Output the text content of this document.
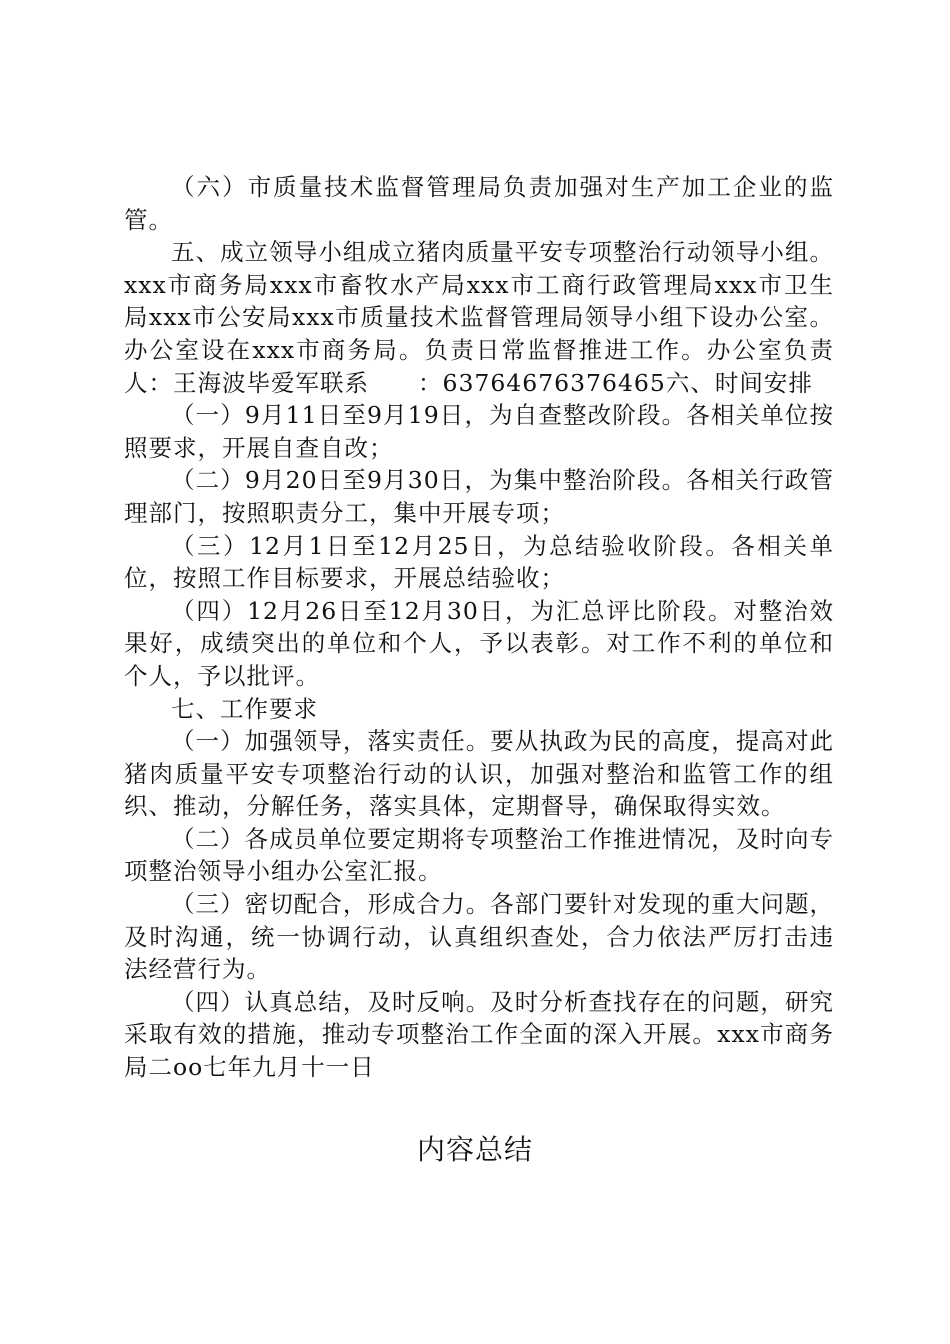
（六）市质量技术监督管理局负责加强对生产加工企业的监管。

五、成立领导小组成立猪肉质量平安专项整治行动领导小组。xxx市商务局xxx市畜牧水产局xxx市工商行政管理局xxx市卫生局xxx市公安局xxx市质量技术监督管理局领导小组下设办公室。办公室设在xxx市商务局。负责日常监督推进工作。办公室负责人：王海波毕爱军联系　　：63764676376465六、时间安排

（一）9月11日至9月19日，为自查整改阶段。各相关单位按照要求，开展自查自改；

（二）9月20日至9月30日，为集中整治阶段。各相关行政管理部门，按照职责分工，集中开展专项；

（三）12月1日至12月25日，为总结验收阶段。各相关单位，按照工作目标要求，开展总结验收；

（四）12月26日至12月30日，为汇总评比阶段。对整治效果好，成绩突出的单位和个人，予以表彰。对工作不利的单位和个人，予以批评。

七、工作要求

（一）加强领导，落实责任。要从执政为民的高度，提高对此猪肉质量平安专项整治行动的认识，加强对整治和监管工作的组织、推动，分解任务，落实具体，定期督导，确保取得实效。

（二）各成员单位要定期将专项整治工作推进情况，及时向专项整治领导小组办公室汇报。

（三）密切配合，形成合力。各部门要针对发现的重大问题，及时沟通，统一协调行动，认真组织查处，合力依法严厉打击违法经营行为。

（四）认真总结，及时反响。及时分析查找存在的问题，研究采取有效的措施，推动专项整治工作全面的深入开展。xxx市商务局二oo七年九月十一日

内容总结
